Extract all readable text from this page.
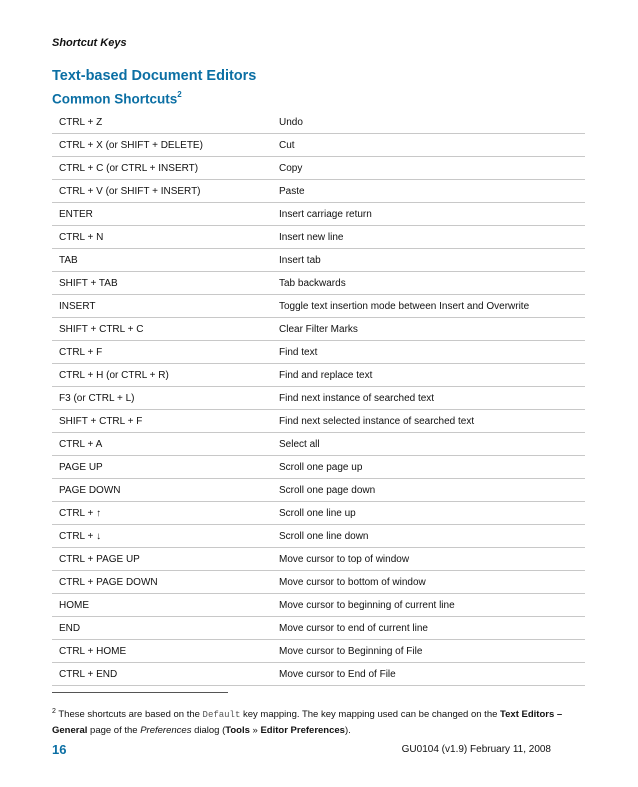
Shortcut Keys
Text-based Document Editors
Common Shortcuts$^2$
CTRL + Z	Undo
CTRL + X (or SHIFT + DELETE)	Cut
CTRL + C (or CTRL + INSERT)	Copy
CTRL + V (or SHIFT + INSERT)	Paste
ENTER	Insert carriage return
CTRL + N	Insert new line
TAB	Insert tab
SHIFT + TAB	Tab backwards
INSERT	Toggle text insertion mode between Insert and Overwrite
SHIFT + CTRL + C	Clear Filter Marks
CTRL + F	Find text
CTRL + H (or CTRL + R)	Find and replace text
F3 (or CTRL + L)	Find next instance of searched text
SHIFT + CTRL + F	Find next selected instance of searched text
CTRL + A	Select all
PAGE UP	Scroll one page up
PAGE DOWN	Scroll one page down
CTRL + ↑	Scroll one line up
CTRL + ↓	Scroll one line down
CTRL + PAGE UP	Move cursor to top of window
CTRL + PAGE DOWN	Move cursor to bottom of window
HOME	Move cursor to beginning of current line
END	Move cursor to end of current line
CTRL + HOME	Move cursor to Beginning of File
CTRL + END	Move cursor to End of File
$^2$ These shortcuts are based on the Default key mapping. The key mapping used can be changed on the Text Editors – General page of the Preferences dialog (Tools » Editor Preferences).
16	GU0104 (v1.9) February 11, 2008
